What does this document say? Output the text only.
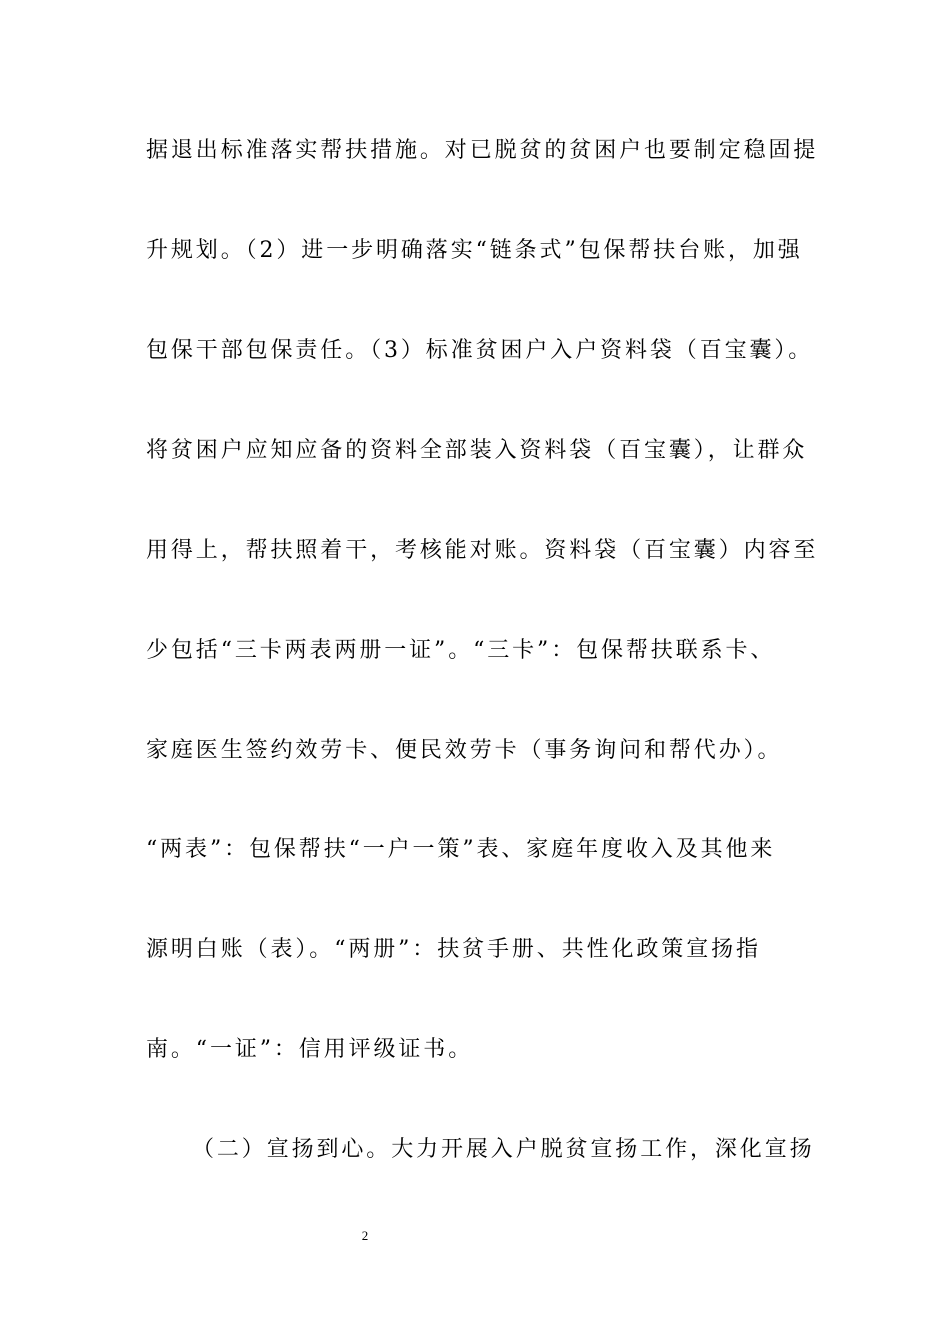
据退出标准落实帮扶措施。对已脱贫的贫困户也要制定稳固提
升规划。（2）进一步明确落实“链条式”包保帮扶台账，加强
包保干部包保责任。（3）标准贫困户入户资料袋（百宝囊）。
将贫困户应知应备的资料全部装入资料袋（百宝囊），让群众
用得上，帮扶照着干，考核能对账。资料袋（百宝囊）内容至
少包括“三卡两表两册一证”。“三卡”：包保帮扶联系卡、
家庭医生签约效劳卡、便民效劳卡（事务询问和帮代办）。
“两表”：包保帮扶“一户一策”表、家庭年度收入及其他来
源明白账（表）。“两册”：扶贫手册、共性化政策宣扬指
南。“一证”：信用评级证书。
（二）宣扬到心。大力开展入户脱贫宣扬工作，深化宣扬
2
